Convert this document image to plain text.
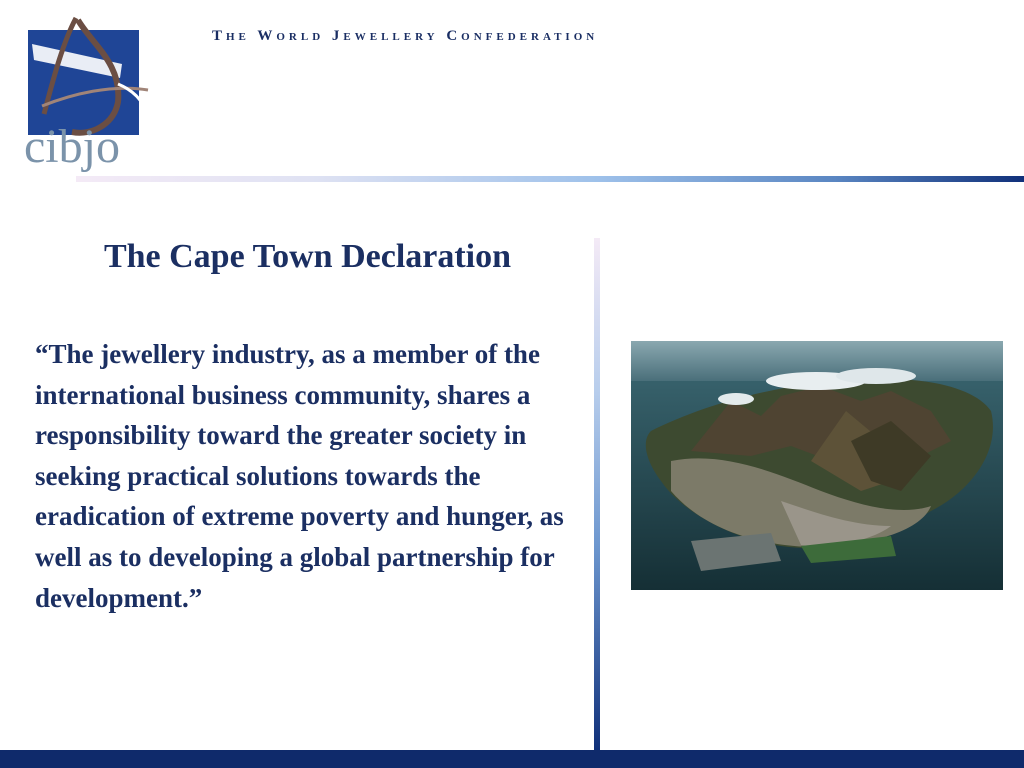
cibjo
The World Jewellery Confederation
The Cape Town Declaration
“The jewellery industry, as a member of the international business community, shares a responsibility toward the greater society in seeking practical solutions towards the eradication of extreme poverty and hunger, as well as to developing a global partnership for development.”
